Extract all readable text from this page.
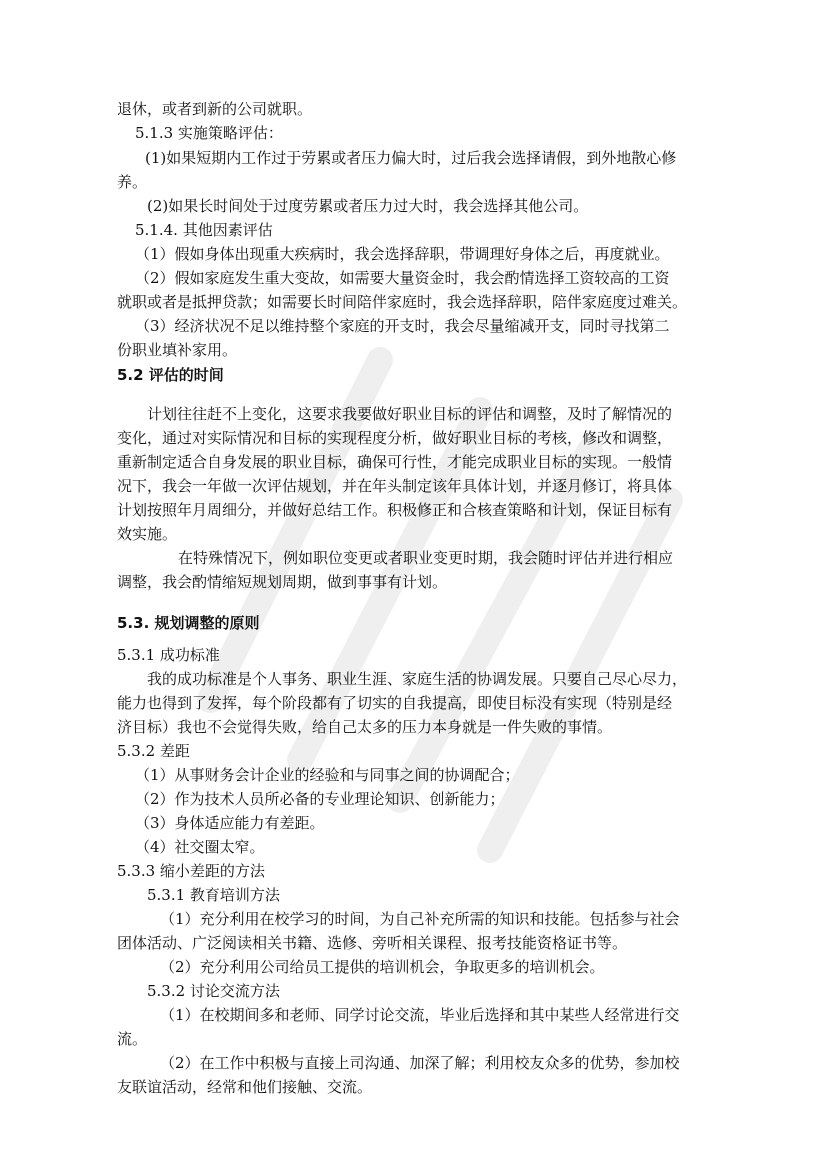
退休，或者到新的公司就职。
5.1.3 实施策略评估：
(1)如果短期内工作过于劳累或者压力偏大时，过后我会选择请假，到外地散心修
养。
(2)如果长时间处于过度劳累或者压力过大时，我会选择其他公司。
5.1.4. 其他因素评估
（1）假如身体出现重大疾病时，我会选择辞职，带调理好身体之后，再度就业。
（2）假如家庭发生重大变故，如需要大量资金时，我会酌情选择工资较高的工资
就职或者是抵押贷款；如需要长时间陪伴家庭时，我会选择辞职，陪伴家庭度过难关。
（3）经济状况不足以维持整个家庭的开支时，我会尽量缩减开支，同时寻找第二
份职业填补家用。
5.2 评估的时间
计划往往赶不上变化，这要求我要做好职业目标的评估和调整，及时了解情况的
变化，通过对实际情况和目标的实现程度分析，做好职业目标的考核，修改和调整，
重新制定适合自身发展的职业目标，确保可行性，才能完成职业目标的实现。一般情
况下，我会一年做一次评估规划，并在年头制定该年具体计划，并逐月修订，将具体
计划按照年月周细分，并做好总结工作。积极修正和合核查策略和计划，保证目标有
效实施。
在特殊情况下，例如职位变更或者职业变更时期，我会随时评估并进行相应
调整，我会酌情缩短规划周期，做到事事有计划。
5.3. 规划调整的原则
5.3.1 成功标准
我的成功标准是个人事务、职业生涯、家庭生活的协调发展。只要自己尽心尽力，
能力也得到了发挥，每个阶段都有了切实的自我提高，即使目标没有实现（特别是经
济目标）我也不会觉得失败，给自己太多的压力本身就是一件失败的事情。
5.3.2 差距
（1）从事财务会计企业的经验和与同事之间的协调配合；
（2）作为技术人员所必备的专业理论知识、创新能力；
（3）身体适应能力有差距。
（4）社交圈太窄。
5.3.3 缩小差距的方法
5.3.1 教育培训方法
（1）充分利用在校学习的时间，为自己补充所需的知识和技能。包括参与社会
团体活动、广泛阅读相关书籍、选修、旁听相关课程、报考技能资格证书等。
（2）充分利用公司给员工提供的培训机会，争取更多的培训机会。
5.3.2 讨论交流方法
（1）在校期间多和老师、同学讨论交流，毕业后选择和其中某些人经常进行交
流。
（2）在工作中积极与直接上司沟通、加深了解；利用校友众多的优势，参加校
友联谊活动，经常和他们接触、交流。
